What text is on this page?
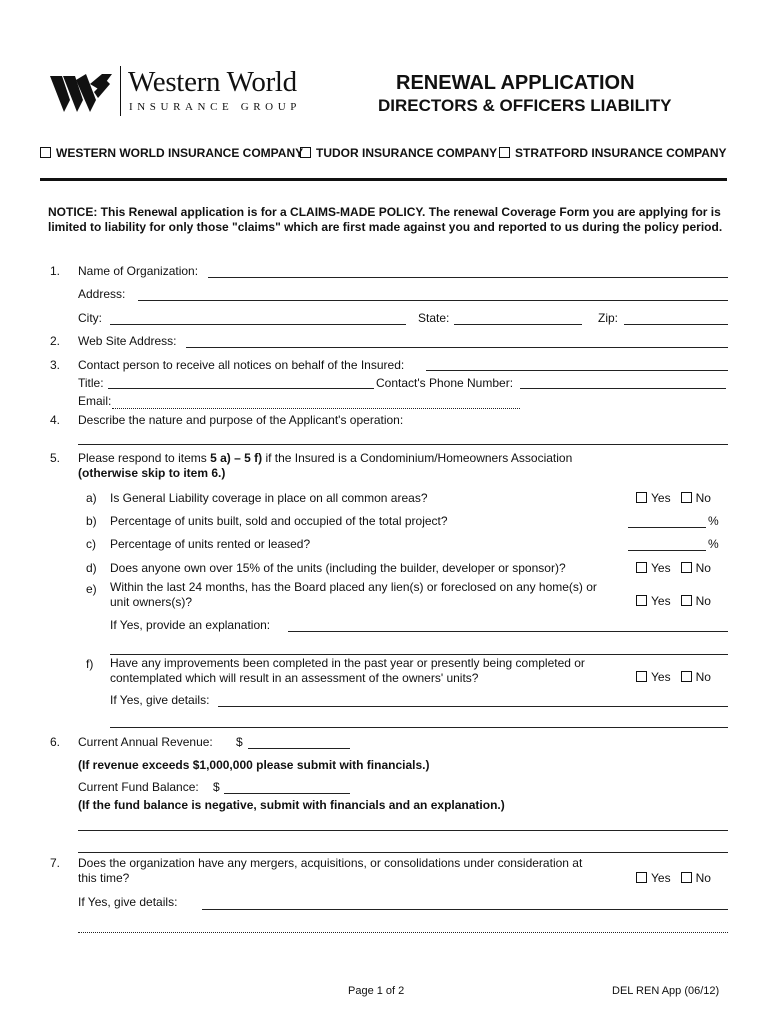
Western World
INSURANCE GROUP
RENEWAL APPLICATION
DIRECTORS & OFFICERS LIABILITY
WESTERN WORLD INSURANCE COMPANY	TUDOR INSURANCE COMPANY	STRATFORD INSURANCE COMPANY
NOTICE: This Renewal application is for a CLAIMS-MADE POLICY. The renewal Coverage Form you are applying for is limited to liability for only those "claims" which are first made against you and reported to us during the policy period.
1. Name of Organization:
Address:
City:	State:	Zip:
2. Web Site Address:
3. Contact person to receive all notices on behalf of the Insured:
Title:	Contact's Phone Number:
Email:
4. Describe the nature and purpose of the Applicant's operation:
5. Please respond to items 5 a) – 5 f) if the Insured is a Condominium/Homeowners Association
(otherwise skip to item 6.)
a) Is General Liability coverage in place on all common areas?	Yes No
b) Percentage of units built, sold and occupied of the total project?	%
c) Percentage of units rented or leased?	%
d) Does anyone own over 15% of the units (including the builder, developer or sponsor)?	Yes No
e) Within the last 24 months, has the Board placed any lien(s) or foreclosed on any home(s) or
unit owners(s)?	Yes No
If Yes, provide an explanation:
f) Have any improvements been completed in the past year or presently being completed or
contemplated which will result in an assessment of the owners' units?	Yes No
If Yes, give details:
6. Current Annual Revenue: $
(If revenue exceeds $1,000,000 please submit with financials.)
Current Fund Balance: $
(If the fund balance is negative, submit with financials and an explanation.)
7. Does the organization have any mergers, acquisitions, or consolidations under consideration at
this time?	Yes No
If Yes, give details:
Page 1 of 2	DEL REN App (06/12)
